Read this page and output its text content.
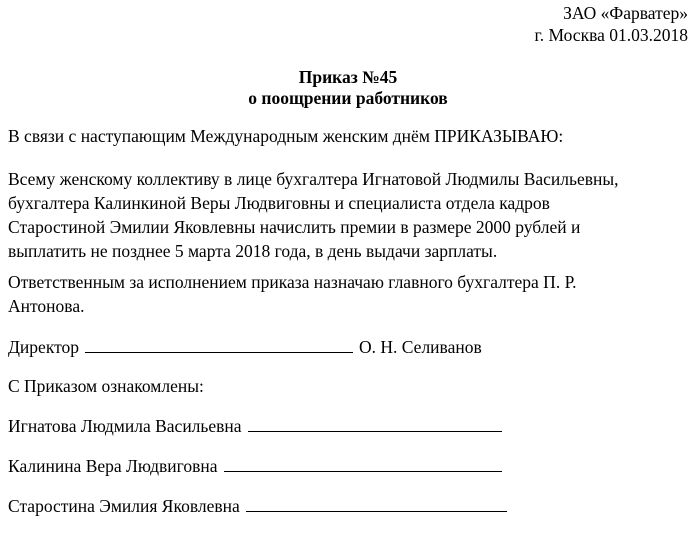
ЗАО «Фарватер»
г. Москва 01.03.2018
Приказ №45
о поощрении работников
В связи с наступающим Международным женским днём ПРИКАЗЫВАЮ:
Всему женскому коллективу в лице бухгалтера Игнатовой Людмилы Васильевны,
бухгалтера Калинкиной Веры Людвиговны и специалиста отдела кадров
Старостиной Эмилии Яковлевны начислить премии в размере 2000 рублей и
выплатить не позднее 5 марта 2018 года, в день выдачи зарплаты.
Ответственным за исполнением приказа назначаю главного бухгалтера П. Р.
Антонова.
Директор	О. Н. Селиванов
С Приказом ознакомлены:
Игнатова Людмила Васильевна
Калинина Вера Людвиговна
Старостина Эмилия Яковлевна
